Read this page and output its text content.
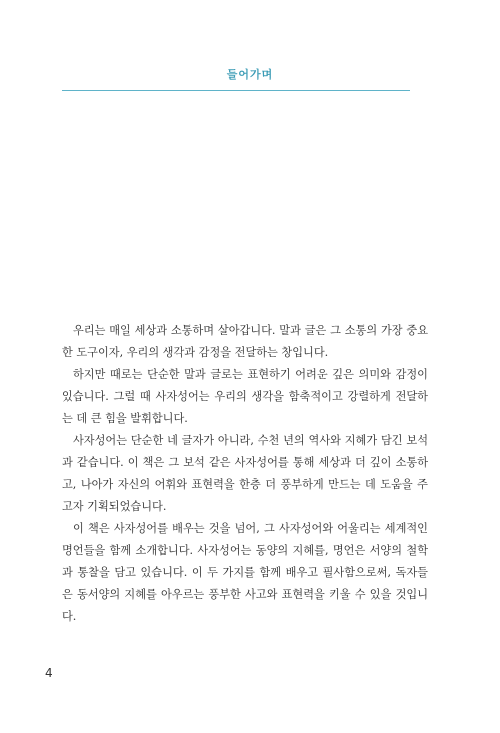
들어가며

우리는 매일 세상과 소통하며 살아갑니다. 말과 글은 그 소통의 가장 중요한 도구이자, 우리의 생각과 감정을 전달하는 창입니다.

하지만 때로는 단순한 말과 글로는 표현하기 어려운 깊은 의미와 감정이 있습니다. 그럴 때 사자성어는 우리의 생각을 함축적이고 강렬하게 전달하는 데 큰 힘을 발휘합니다.

사자성어는 단순한 네 글자가 아니라, 수천 년의 역사와 지혜가 담긴 보석과 같습니다. 이 책은 그 보석 같은 사자성어를 통해 세상과 더 깊이 소통하고, 나아가 자신의 어휘와 표현력을 한층 더 풍부하게 만드는 데 도움을 주고자 기획되었습니다.

이 책은 사자성어를 배우는 것을 넘어, 그 사자성어와 어울리는 세계적인 명언들을 함께 소개합니다. 사자성어는 동양의 지혜를, 명언은 서양의 철학과 통찰을 담고 있습니다. 이 두 가지를 함께 배우고 필사함으로써, 독자들은 동서양의 지혜를 아우르는 풍부한 사고와 표현력을 키울 수 있을 것입니다.

4
